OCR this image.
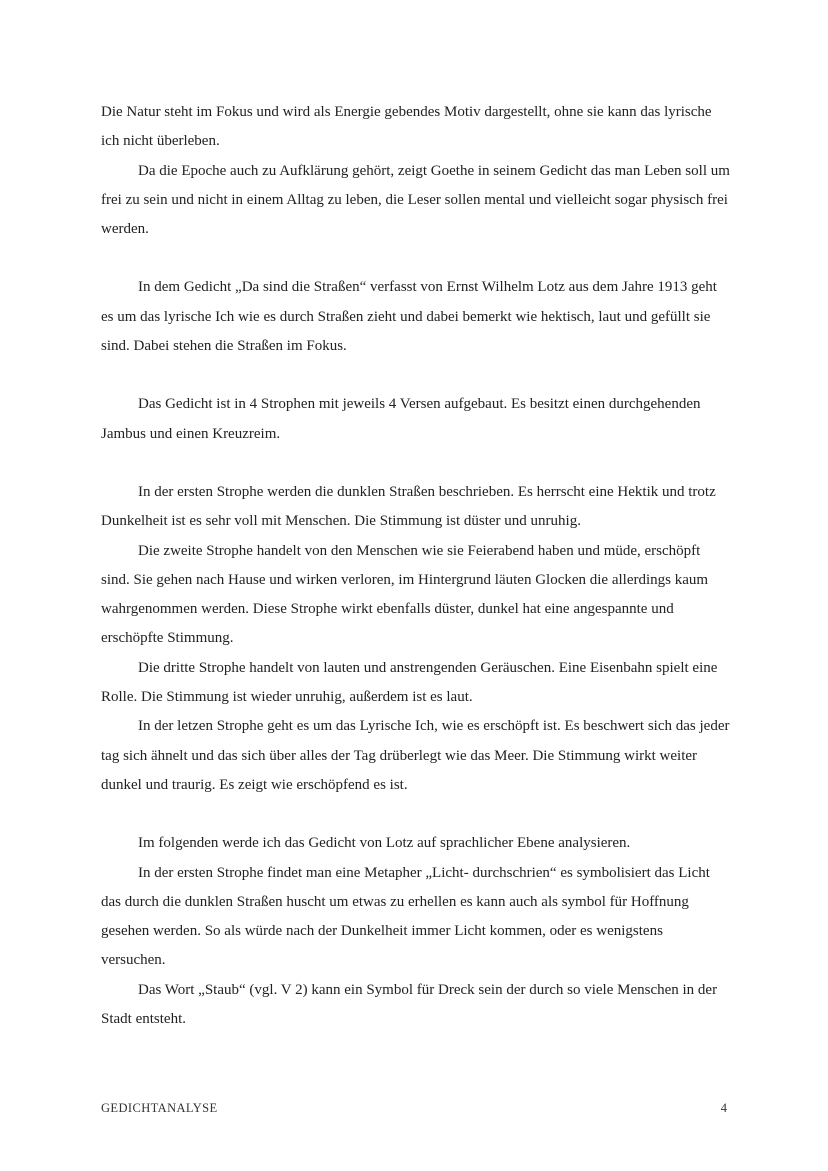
Die Natur steht im Fokus und wird als Energie gebendes Motiv dargestellt, ohne sie kann das lyrische ich nicht überleben.

Da die Epoche auch zu Aufklärung gehört, zeigt Goethe in seinem Gedicht das man Leben soll um frei zu sein und nicht in einem Alltag zu leben, die Leser sollen mental und vielleicht sogar physisch frei werden.

In dem Gedicht „Da sind die Straßen“ verfasst von Ernst Wilhelm Lotz aus dem Jahre 1913 geht es um das lyrische Ich wie es durch Straßen zieht und dabei bemerkt wie hektisch, laut und gefüllt sie sind. Dabei stehen die Straßen im Fokus.

Das Gedicht ist in 4 Strophen mit jeweils 4 Versen aufgebaut. Es besitzt einen durchgehenden Jambus und einen Kreuzreim.

In der ersten Strophe werden die dunklen Straßen beschrieben. Es herrscht eine Hektik und trotz Dunkelheit ist es sehr voll mit Menschen. Die Stimmung ist düster und unruhig.

Die zweite Strophe handelt von den Menschen wie sie Feierabend haben und müde, erschöpft sind. Sie gehen nach Hause und wirken verloren, im Hintergrund läuten Glocken die allerdings kaum wahrgenommen werden. Diese Strophe wirkt ebenfalls düster, dunkel hat eine angespannte und erschöpfte Stimmung.

Die dritte Strophe handelt von lauten und anstrengenden Geräuschen. Eine Eisenbahn spielt eine Rolle. Die Stimmung ist wieder unruhig, außerdem ist es laut.

In der letzen Strophe geht es um das Lyrische Ich, wie es erschöpft ist. Es beschwert sich das jeder tag sich ähnelt und das sich über alles der Tag drüberlegt wie das Meer. Die Stimmung wirkt weiter dunkel und traurig. Es zeigt wie erschöpfend es ist.

Im folgenden werde ich das Gedicht von Lotz auf sprachlicher Ebene analysieren.

In der ersten Strophe findet man eine Metapher „Licht- durchschrien“ es symbolisiert das Licht das durch die dunklen Straßen huscht um etwas zu erhellen es kann auch als symbol für Hoffnung gesehen werden. So als würde nach der Dunkelheit immer Licht kommen, oder es wenigstens versuchen.

Das Wort „Staub“ (vgl. V 2) kann ein Symbol für Dreck sein der durch so viele Menschen in der Stadt entsteht.

GEDICHTANALYSE	4
